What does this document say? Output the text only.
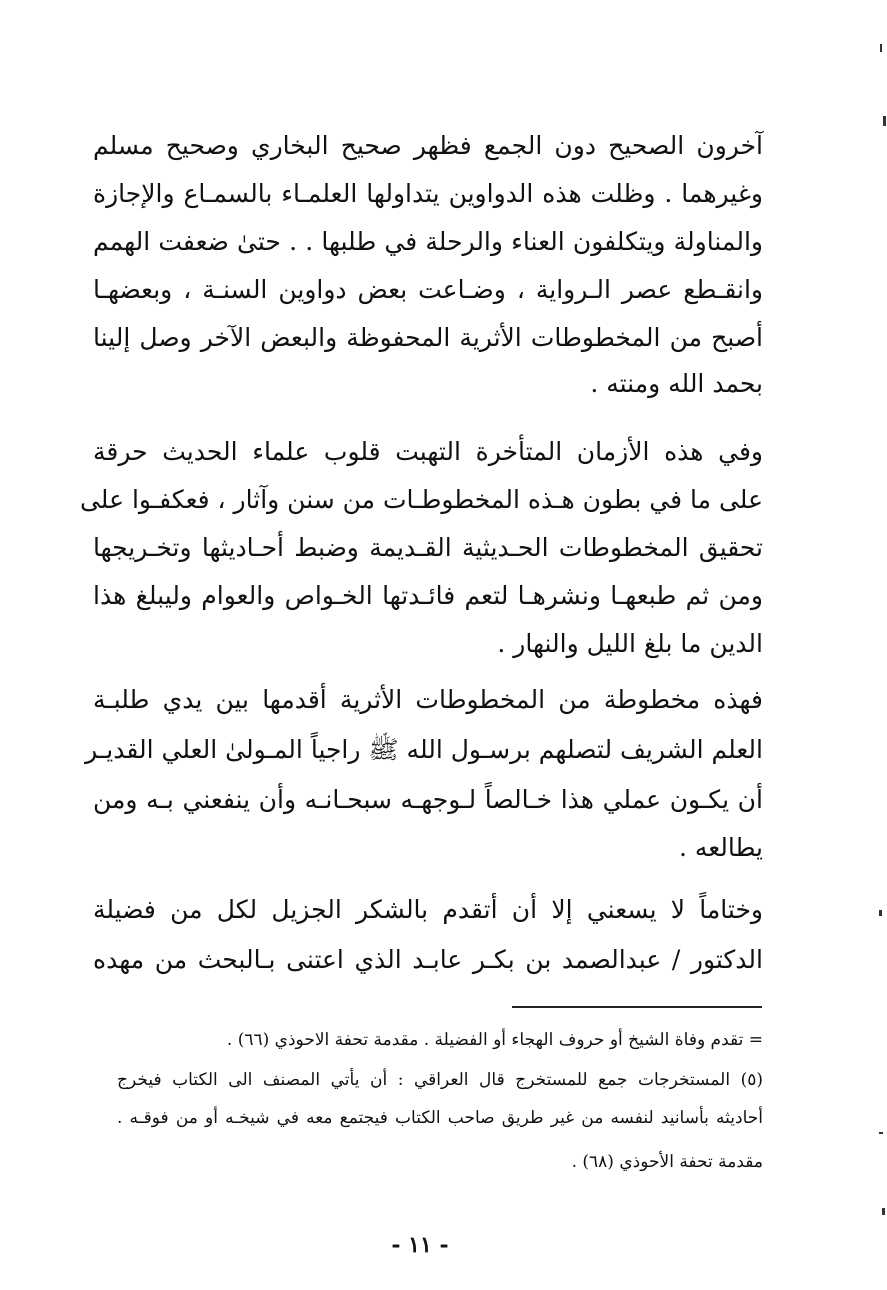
آخرون الصحيح دون الجمع فظهر صحيح البخاري وصحيح مسلم
وغيرهما . وظلت هذه الدواوين يتداولها العلمـاء بالسمـاع والإجازة
والمناولة ويتكلفون العناء والرحلة في طلبها . . حتىٰ ضعفت الهمم
وانقـطع عصر الـرواية ، وضـاعت بعض دواوين السنـة ، وبعضهـا
أصبح من المخطوطات الأثرية المحفوظة والبعض الآخر وصل إلينا
بحمد الله ومنته .
وفي هذه الأزمان المتأخرة التهبت قلوب علماء الحديث حرقة
على ما في بطون هـذه المخطوطـات من سنن وآثار ، فعكفـوا على
تحقيق المخطوطات الحـديثية القـديمة وضبط أحـاديثها وتخـريجها
ومن ثم طبعهـا ونشرهـا لتعم فائـدتها الخـواص والعوام وليبلغ هذا
الدين ما بلغ الليل والنهار .
فهذه مخطوطة من المخطوطات الأثرية أقدمها بين يدي طلبـة
العلم الشريف لتصلهم برسـول الله ﷺ راجياً المـولىٰ العلي القديـر
أن يكـون عملي هذا خـالصاً لـوجهـه سبحـانـه وأن ينفعني بـه ومن
يطالعه .
وختاماً لا يسعني إلا أن أتقدم بالشكر الجزيل لكل من فضيلة
الدكتور / عبدالصمد بن بكـر عابـد الذي اعتنى بـالبحث من مهده
= تقدم وفاة الشيخ أو حروف الهجاء أو الفضيلة . مقدمة تحفة الاحوذي (٦٦) .
(٥) المستخرجات جمع للمستخرج قال العراقي : أن يأتي المصنف الى الكتاب فيخرج
أحاديثه بأسانيد لنفسه من غير طريق صاحب الكتاب فيجتمع معه في شيخـه أو من فوقـه .
مقدمة تحفة الأحوذي (٦٨) .
- ١١ -
